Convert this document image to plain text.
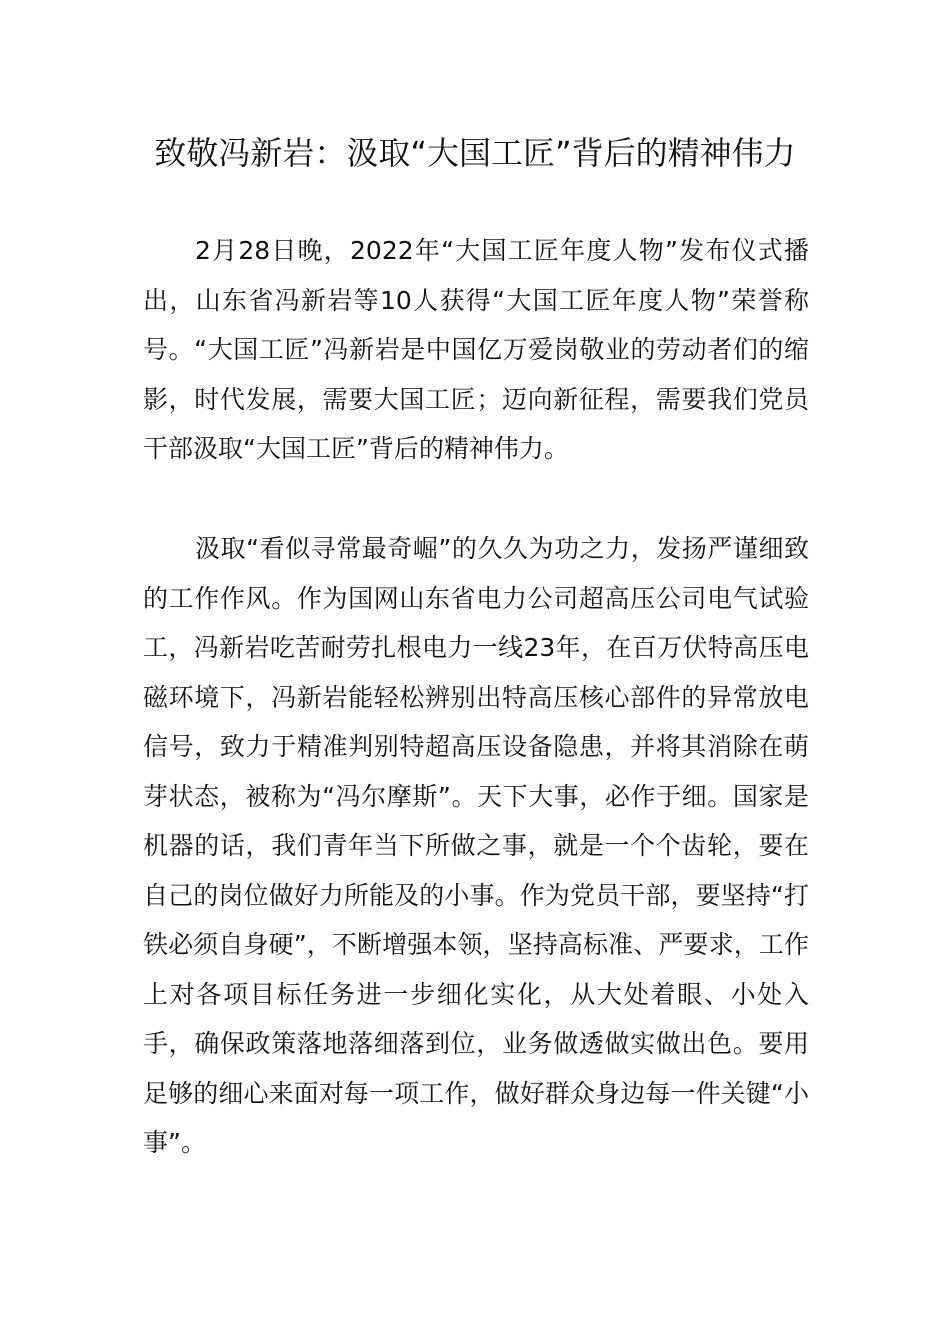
致敬冯新岩：汲取“大国工匠”背后的精神伟力

2月28日晚，2022年“大国工匠年度人物”发布仪式播出，山东省冯新岩等10人获得“大国工匠年度人物”荣誉称号。“大国工匠”冯新岩是中国亿万爱岗敬业的劳动者们的缩影，时代发展，需要大国工匠；迈向新征程，需要我们党员干部汲取“大国工匠”背后的精神伟力。

汲取“看似寻常最奇崛”的久久为功之力，发扬严谨细致的工作作风。作为国网山东省电力公司超高压公司电气试验工，冯新岩吃苦耐劳扎根电力一线23年，在百万伏特高压电磁环境下，冯新岩能轻松辨别出特高压核心部件的异常放电信号，致力于精准判别特超高压设备隐患，并将其消除在萌芽状态，被称为“冯尔摩斯”。天下大事，必作于细。国家是机器的话，我们青年当下所做之事，就是一个个齿轮，要在自己的岗位做好力所能及的小事。作为党员干部，要坚持“打铁必须自身硬”，不断增强本领，坚持高标准、严要求，工作上对各项目标任务进一步细化实化，从大处着眼、小处入手，确保政策落地落细落到位，业务做透做实做出色。要用足够的细心来面对每一项工作，做好群众身边每一件关键“小事”。
